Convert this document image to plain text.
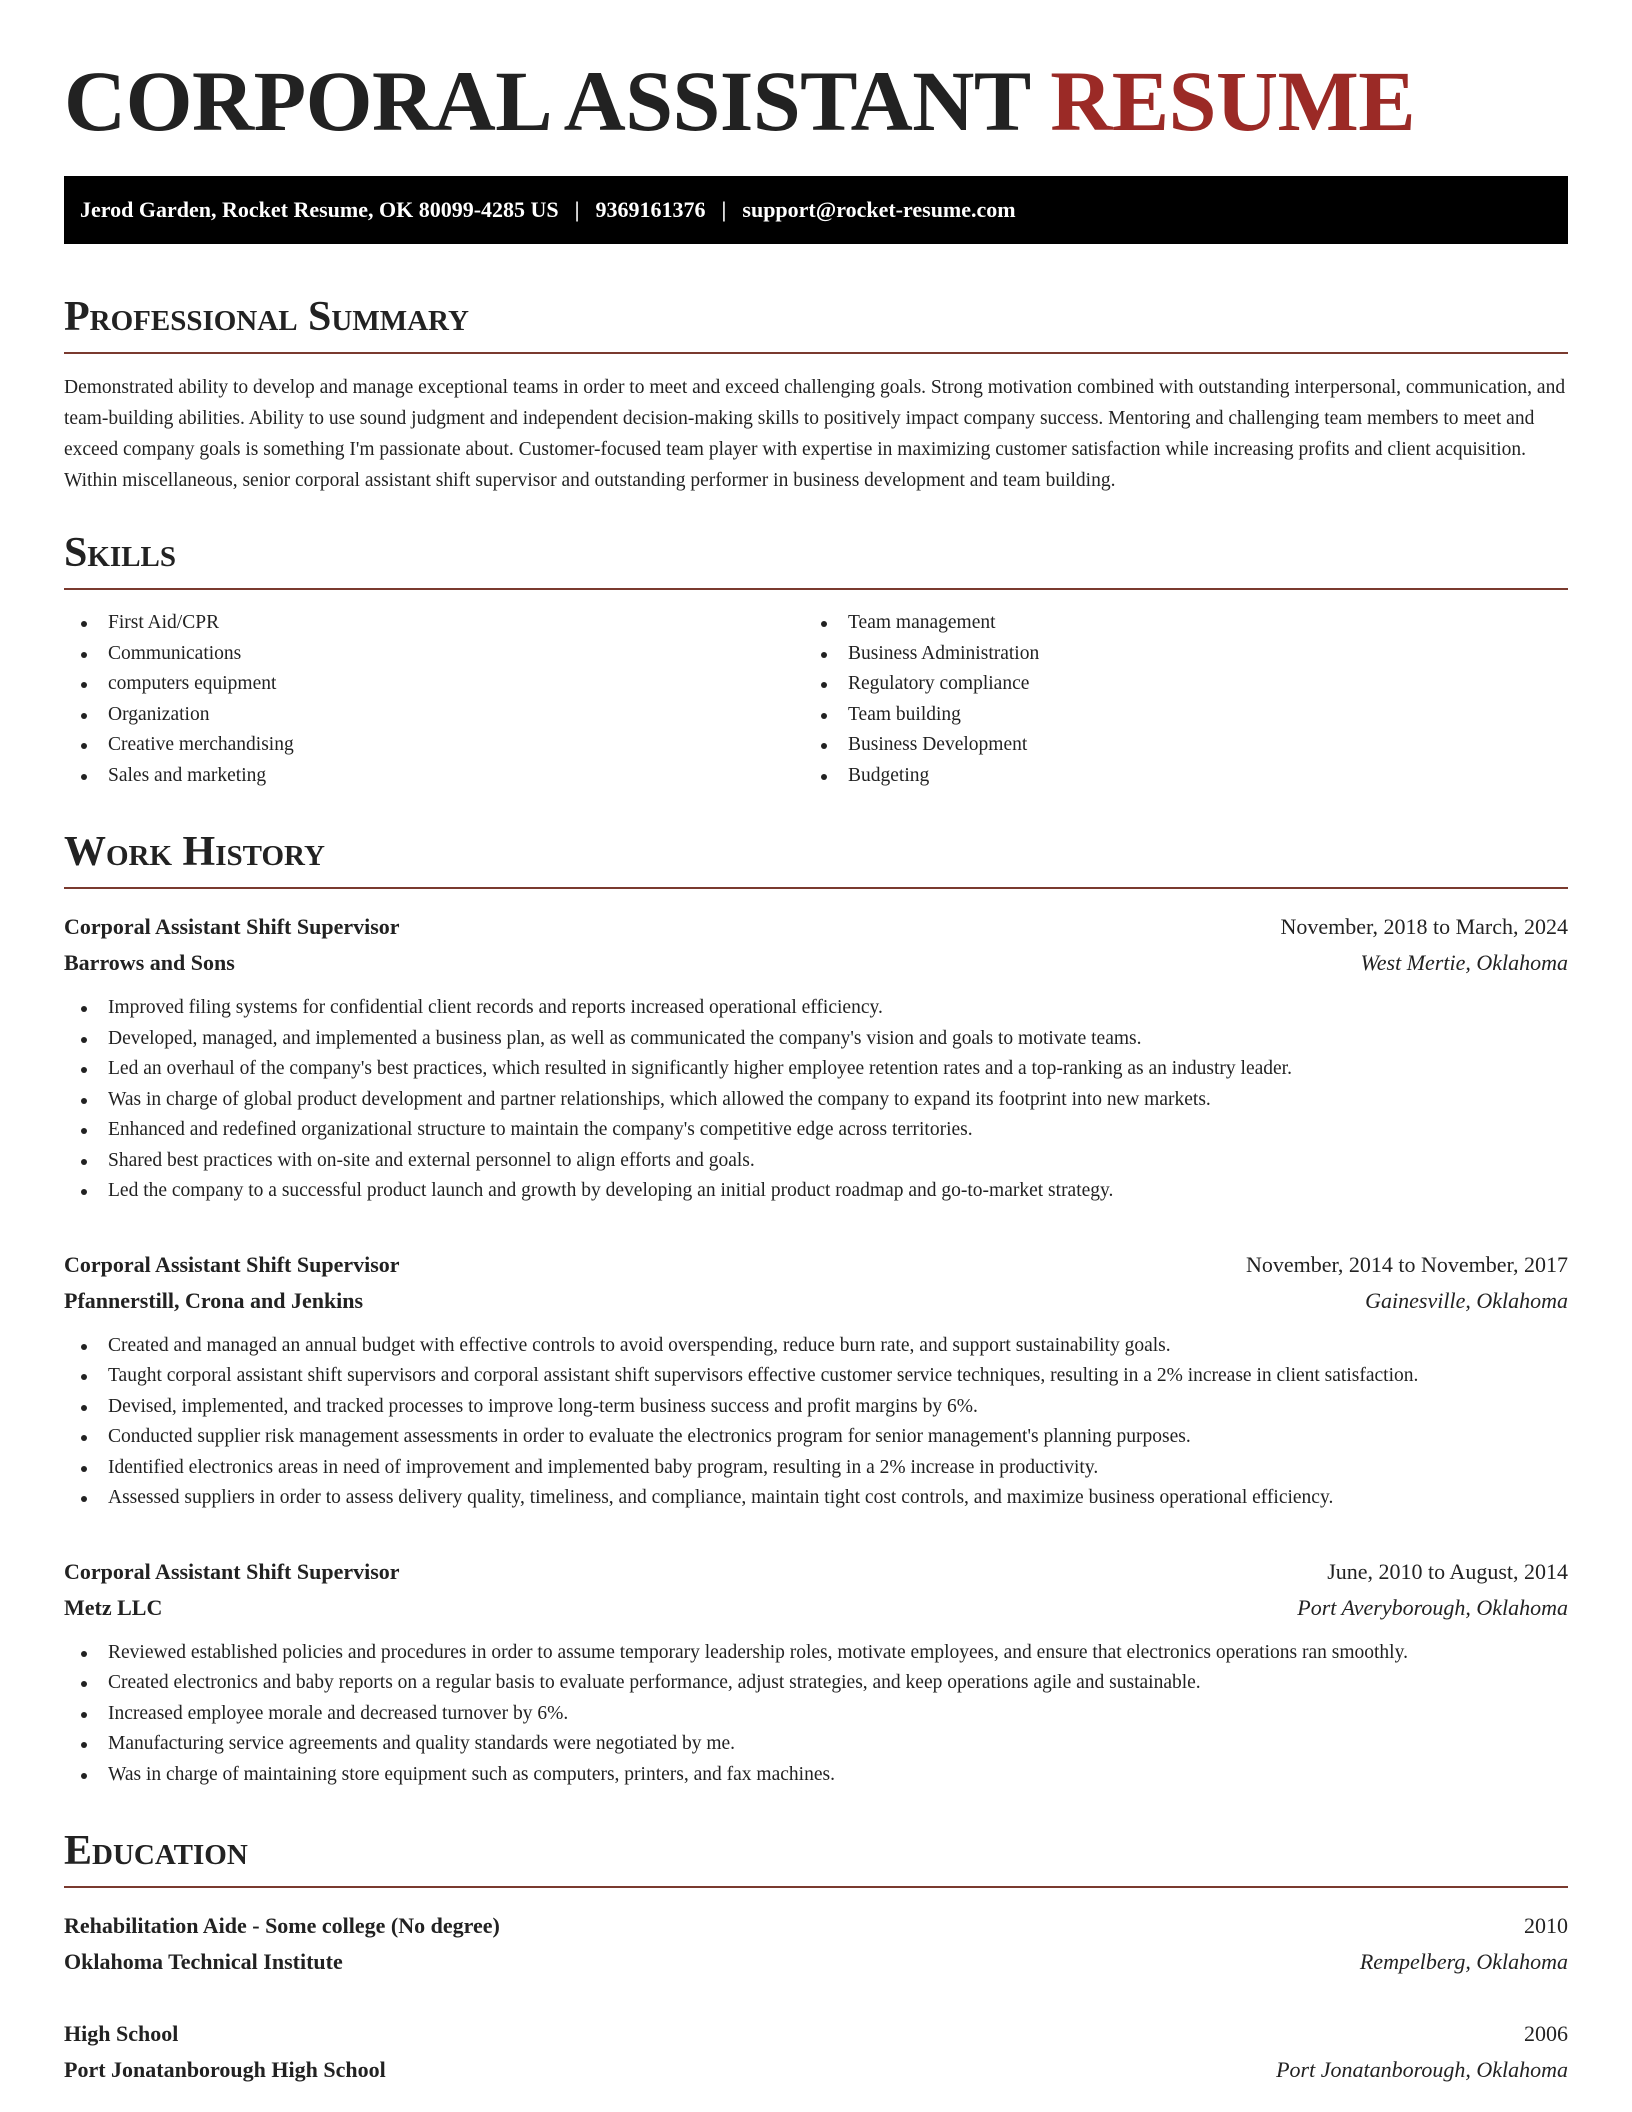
CORPORAL ASSISTANT RESUME
Jerod Garden, Rocket Resume, OK 80099-4285 US | 9369161376 | support@rocket-resume.com
Professional Summary

Demonstrated ability to develop and manage exceptional teams in order to meet and exceed challenging goals. Strong motivation combined with outstanding interpersonal, communication, and team-building abilities. Ability to use sound judgment and independent decision-making skills to positively impact company success. Mentoring and challenging team members to meet and exceed company goals is something I'm passionate about. Customer-focused team player with expertise in maximizing customer satisfaction while increasing profits and client acquisition. Within miscellaneous, senior corporal assistant shift supervisor and outstanding performer in business development and team building.

Skills
First Aid/CPR
Communications
computers equipment
Organization
Creative merchandising
Sales and marketing
Team management
Business Administration
Regulatory compliance
Team building
Business Development
Budgeting
Work History
Corporal Assistant Shift Supervisor	November, 2018 to March, 2024
Barrows and Sons	West Mertie, Oklahoma
Improved filing systems for confidential client records and reports increased operational efficiency.
Developed, managed, and implemented a business plan, as well as communicated the company's vision and goals to motivate teams.
Led an overhaul of the company's best practices, which resulted in significantly higher employee retention rates and a top-ranking as an industry leader.
Was in charge of global product development and partner relationships, which allowed the company to expand its footprint into new markets.
Enhanced and redefined organizational structure to maintain the company's competitive edge across territories.
Shared best practices with on-site and external personnel to align efforts and goals.
Led the company to a successful product launch and growth by developing an initial product roadmap and go-to-market strategy.
Corporal Assistant Shift Supervisor	November, 2014 to November, 2017
Pfannerstill, Crona and Jenkins	Gainesville, Oklahoma
Created and managed an annual budget with effective controls to avoid overspending, reduce burn rate, and support sustainability goals.
Taught corporal assistant shift supervisors and corporal assistant shift supervisors effective customer service techniques, resulting in a 2% increase in client satisfaction.
Devised, implemented, and tracked processes to improve long-term business success and profit margins by 6%.
Conducted supplier risk management assessments in order to evaluate the electronics program for senior management's planning purposes.
Identified electronics areas in need of improvement and implemented baby program, resulting in a 2% increase in productivity.
Assessed suppliers in order to assess delivery quality, timeliness, and compliance, maintain tight cost controls, and maximize business operational efficiency.
Corporal Assistant Shift Supervisor	June, 2010 to August, 2014
Metz LLC	Port Averyborough, Oklahoma
Reviewed established policies and procedures in order to assume temporary leadership roles, motivate employees, and ensure that electronics operations ran smoothly.
Created electronics and baby reports on a regular basis to evaluate performance, adjust strategies, and keep operations agile and sustainable.
Increased employee morale and decreased turnover by 6%.
Manufacturing service agreements and quality standards were negotiated by me.
Was in charge of maintaining store equipment such as computers, printers, and fax machines.
Education
Rehabilitation Aide - Some college (No degree)	2010
Oklahoma Technical Institute	Rempelberg, Oklahoma
High School	2006
Port Jonatanborough High School	Port Jonatanborough, Oklahoma
